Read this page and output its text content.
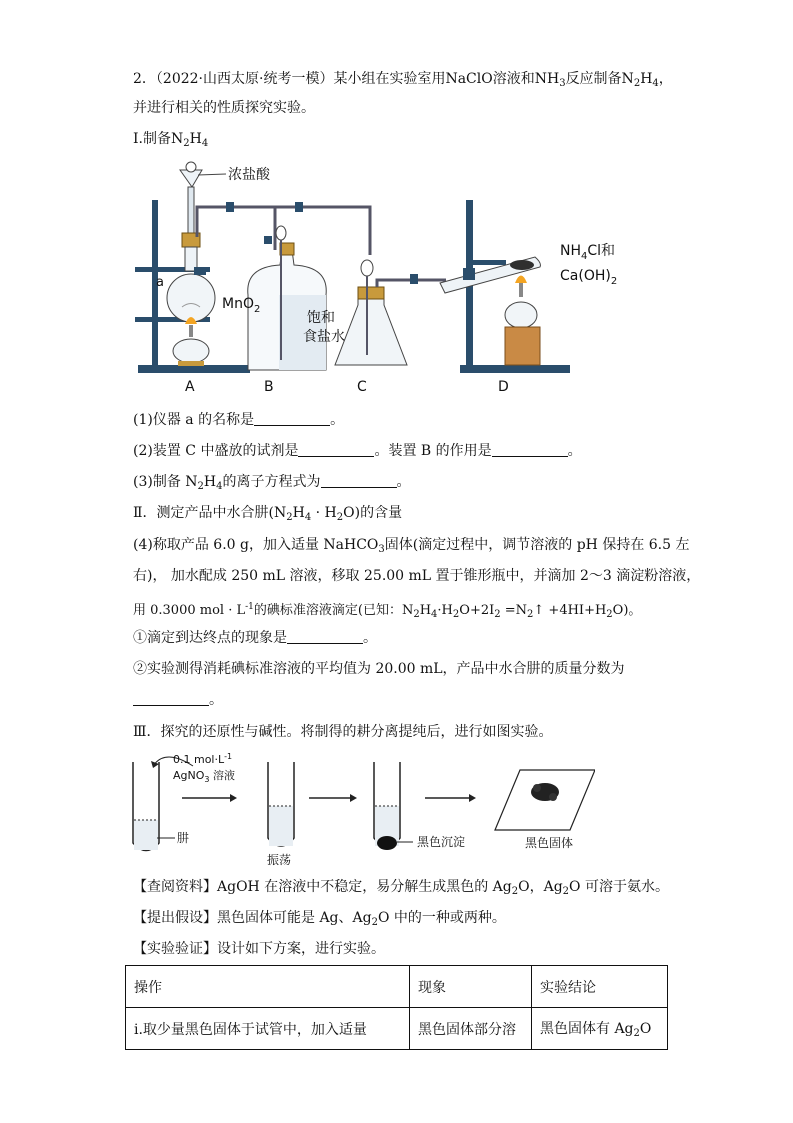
2．（2022·山西太原·统考一模）某小组在实验室用NaClO溶液和$NH_3$反应制备$N_2H_4$，
并进行相关的性质探究实验。
Ⅰ.制备$N_2H_4$
浓盐酸
a
MnO$_2$
饱和
食盐水
$NH_4Cl$和
$Ca(OH)_2$
A	B	C	D
(1)仪器 a 的名称是	。
(2)装置 C 中盛放的试剂是	。装置 B 的作用是	。
(3)制备 $N_2H_4$的离子方程式为	。
Ⅱ．测定产品中水合肼$(N_2H_4 \cdot H_2O)$的含量
(4)称取产品 6.0 g，加入适量 NaHCO$_3$固体(滴定过程中，调节溶液的 pH 保持在 6.5 左
右)， 加水配成 250 mL 溶液，移取 25.00 mL 置于锥形瓶中，并滴加 2～3 滴淀粉溶液，
用 0.3000 mol · $L^{-1}$的碘标准溶液滴定(已知：$N_2H_4\cdot H_2O+2I_2$ $=N_2↑ +4HI+H_2O$)。
①滴定到达终点的现象是	。
②实验测得消耗碘标准溶液的平均值为 20.00 mL，产品中水合肼的质量分数为
。
Ⅲ．探究的还原性与碱性。将制得的耕分离提纯后，进行如图实验。
肼
0.1 $mol\cdot L^{-1}$
AgNO$_3$ 溶液
振荡
黑色沉淀	黑色固体
【查阅资料】AgOH 在溶液中不稳定，易分解生成黑色的 $Ag_2O$，$Ag_2O$ 可溶于氨水。
【提出假设】黑色固体可能是 Ag、$Ag_2O$ 中的一种或两种。
【实验验证】设计如下方案，进行实验。
操作	现象	实验结论
i.取少量黑色固体于试管中，加入适量	黑色固体部分溶	黑色固体有 $Ag_2O$
